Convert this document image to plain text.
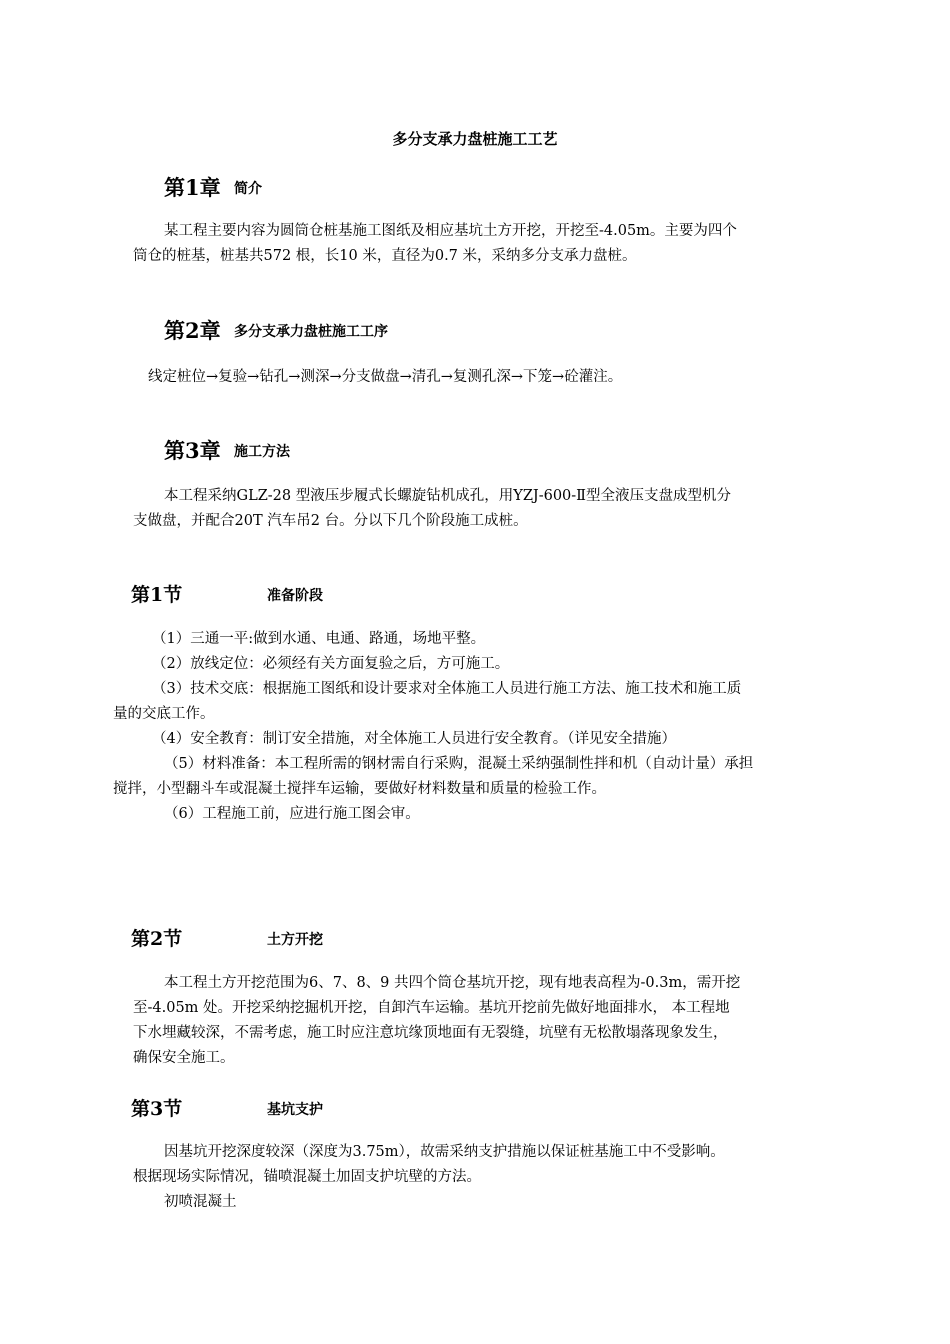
多分支承力盘桩施工工艺
第1章 简介
某工程主要内容为圆筒仓桩基施工图纸及相应基坑土方开挖，开挖至-4.05m。主要为四个
筒仓的桩基，桩基共572 根，长10 米，直径为0.7 米，采纳多分支承力盘桩。
第2章 多分支承力盘桩施工工序
线定桩位→复验→钻孔→测深→分支做盘→清孔→复测孔深→下笼→砼灌注。
第3章 施工方法
本工程采纳GLZ-28 型液压步履式长螺旋钻机成孔，用YZJ-600-Ⅱ型全液压支盘成型机分
支做盘，并配合20T 汽车吊2 台。分以下几个阶段施工成桩。
第1节	准备阶段
（1）三通一平:做到水通、电通、路通，场地平整。
（2）放线定位：必须经有关方面复验之后，方可施工。
（3）技术交底：根据施工图纸和设计要求对全体施工人员进行施工方法、施工技术和施工质
量的交底工作。
（4）安全教育：制订安全措施，对全体施工人员进行安全教育。（详见安全措施）
（5）材料准备：本工程所需的钢材需自行采购，混凝土采纳强制性拌和机（自动计量）承担
搅拌，小型翻斗车或混凝土搅拌车运输，要做好材料数量和质量的检验工作。
（6）工程施工前，应进行施工图会审。
第2节	土方开挖
本工程土方开挖范围为6、7、8、9 共四个筒仓基坑开挖，现有地表高程为-0.3m，需开挖
至-4.05m 处。开挖采纳挖掘机开挖，自卸汽车运输。基坑开挖前先做好地面排水， 本工程地
下水埋藏较深，不需考虑，施工时应注意坑缘顶地面有无裂缝，坑壁有无松散塌落现象发生，
确保安全施工。
第3节	基坑支护
因基坑开挖深度较深（深度为3.75m），故需采纳支护措施以保证桩基施工中不受影响。
根据现场实际情况，锚喷混凝土加固支护坑壁的方法。
初喷混凝土
